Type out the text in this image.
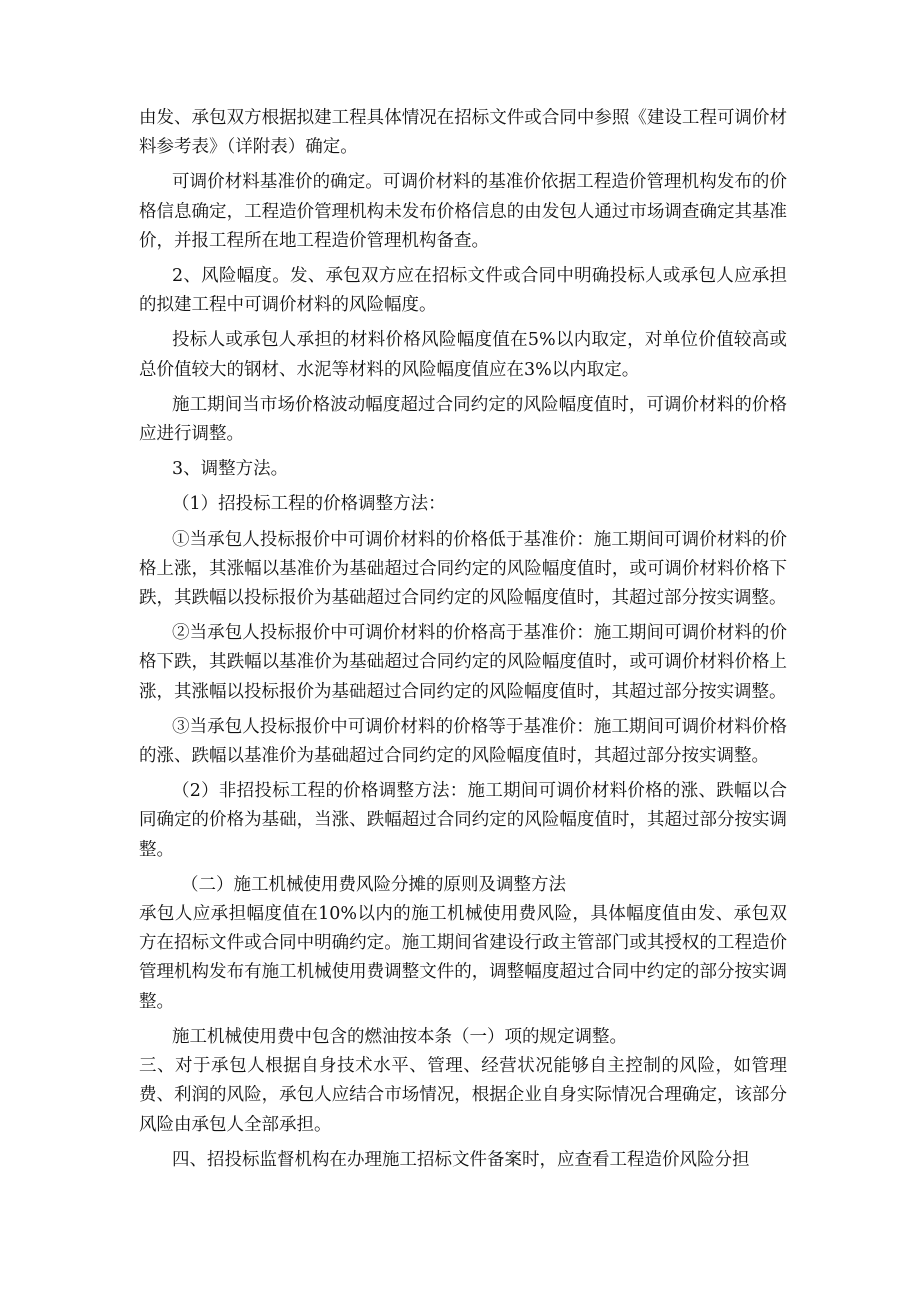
由发、承包双方根据拟建工程具体情况在招标文件或合同中参照《建设工程可调价材料参考表》（详附表）确定。

可调价材料基准价的确定。可调价材料的基准价依据工程造价管理机构发布的价格信息确定，工程造价管理机构未发布价格信息的由发包人通过市场调查确定其基准价，并报工程所在地工程造价管理机构备查。

2、风险幅度。发、承包双方应在招标文件或合同中明确投标人或承包人应承担的拟建工程中可调价材料的风险幅度。

投标人或承包人承担的材料价格风险幅度值在5%以内取定，对单位价值较高或总价值较大的钢材、水泥等材料的风险幅度值应在3%以内取定。

施工期间当市场价格波动幅度超过合同约定的风险幅度值时，可调价材料的价格应进行调整。

3、调整方法。

（1）招投标工程的价格调整方法：

①当承包人投标报价中可调价材料的价格低于基准价：施工期间可调价材料的价格上涨，其涨幅以基准价为基础超过合同约定的风险幅度值时，或可调价材料价格下跌，其跌幅以投标报价为基础超过合同约定的风险幅度值时，其超过部分按实调整。

②当承包人投标报价中可调价材料的价格高于基准价：施工期间可调价材料的价格下跌，其跌幅以基准价为基础超过合同约定的风险幅度值时，或可调价材料价格上涨，其涨幅以投标报价为基础超过合同约定的风险幅度值时，其超过部分按实调整。

③当承包人投标报价中可调价材料的价格等于基准价：施工期间可调价材料价格的涨、跌幅以基准价为基础超过合同约定的风险幅度值时，其超过部分按实调整。

（2）非招投标工程的价格调整方法：施工期间可调价材料价格的涨、跌幅以合同确定的价格为基础，当涨、跌幅超过合同约定的风险幅度值时，其超过部分按实调整。

（二）施工机械使用费风险分摊的原则及调整方法

承包人应承担幅度值在10%以内的施工机械使用费风险，具体幅度值由发、承包双方在招标文件或合同中明确约定。施工期间省建设行政主管部门或其授权的工程造价管理机构发布有施工机械使用费调整文件的，调整幅度超过合同中约定的部分按实调整。

施工机械使用费中包含的燃油按本条（一）项的规定调整。

三、对于承包人根据自身技术水平、管理、经营状况能够自主控制的风险，如管理费、利润的风险，承包人应结合市场情况，根据企业自身实际情况合理确定，该部分风险由承包人全部承担。

四、招投标监督机构在办理施工招标文件备案时，应查看工程造价风险分担
